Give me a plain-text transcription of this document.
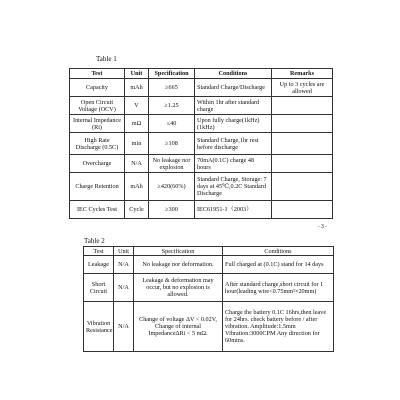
Table 1
Test	Unit	Specification	Conditions	Remarks
Capacity	mAh	≥665	Standard Charge/Discharge	Up to 3 cycles are allowed
Open Circuit Voltage (OCV)	V	≥1.25	Within 1hr after standard charge	
Internal Impedance (Ri)	mΩ	≤40	Upon fully charge(1kHz) (1kHz)	
High Rate Discharge (0.5C)	min	≥108	Standard Charge,1hr rest before discharge	
Overcharge	N/A	No leakage nor explosion	70mA(0.1C) charge 48 hours	
Charge Retention	mAh	≥420(60%)	Standard Charge, Storage: 7 days at 45℃,0.2C Standard Discharge	
IEC Cycles Test	Cycle	≥300	IEC61951-1（2003）	
- 3 -
Table 2
Test	Unit	Specification	Conditions
Leakage	N/A	No leakage nor deformation.	Full charged at (0.1C) stand for 14 days
Short Circuit	N/A	Leakage & deformation may occur, but no explosion is allowed.	After standard charge,short circuit for 1 hour(leading wire<0.75mm²×20mm)
Vibration Resistance	N/A	Change of voltage ΔV < 0.02V, Change of internal ImpedanceΔRi < 5 mΩ.	Charge the battery 0.1C 16hrs,then leave for 24hrs. check battery before / after vibration. Amplitude:1.5mm Vibration:3000CPM Any direction for 60mins.
